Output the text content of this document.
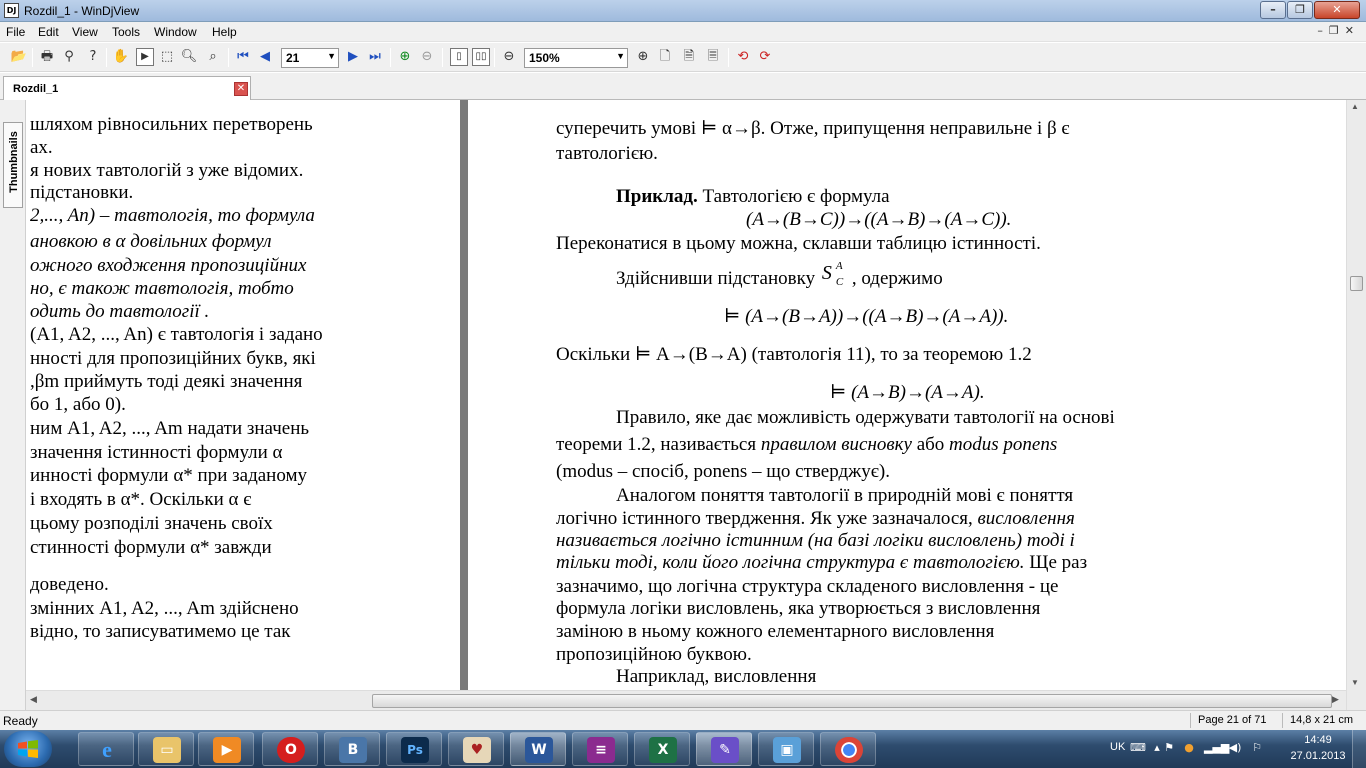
DJ Rozdil_1 - WinDjView	–	❐	✕
File Edit View Tools Window Help	–❐✕
📂 🖶 ⚲	?	✋	▶ ⬚ 🔍︎ ⌕	⏮ ◀	21	▼ ▶ ⏭ ⊕ ⊖	▯	▯▯ ⊖	150%	▼ ⊕ 🗋 🗎 🗏 ⟲ ⟳
Rozdil_1	✕
Thumbnails
шляхом рівносильних перетворень
ах.
я нових тавтологій з уже відомих.
підстановки.
2,..., An) – тавтологія, то формула
ановкою в α довільних формул
ожного входження пропозиційних
но, є також тавтологія, тобто
одить до тавтології .
(A1, A2, ..., An) є тавтологія і задано
нності для пропозиційних букв, які
,βm приймуть тоді деякі значення
бо 1, або 0).
ним A1, A2, ..., Am надати значень
значення істинності формули α
инності формули α* при заданому
і входять в α*. Оскільки α є
цьому розподілі значень своїх
стинності формули α* завжди
доведено.
змінних A1, A2, ..., Am здійснено
відно, то записуватимемо це так
суперечить умові ⊨ α→β. Отже, припущення неправильне і β є
тавтологією.
Приклад. Тавтологією є формула
(A→(B→C))→((A→B)→(A→C)).
Переконатися в цьому можна, склавши таблицю істинності.
Здійснивши підстановку S A
C , одержимо
⊨ (A→(B→A))→((A→B)→(A→A)).
Оскільки ⊨ A→(B→A) (тавтологія 11), то за теоремою 1.2
⊨ (A→B)→(A→A).
Правило, яке дає можливість одержувати тавтології на основі
теореми 1.2, називається правилом висновку або modus ponens
(modus – спосіб, ponens – що стверджує).
Аналогом поняття тавтології в природній мові є поняття
логічно істинного твердження. Як уже зазначалося, висловлення
називається логічно істинним (на базі логіки висловлень) тоді і
тільки тоді, коли його логічна структура є тавтологією. Ще раз
зазначимо, що логічна структура складеного висловлення - це
формула логіки висловлень, яка утворюється з висловлення
заміною в ньому кожного елементарного висловлення
пропозиційною буквою.
Наприклад, висловлення
▲
▼
◀	▶
Ready	Page 21 of 71 14,8 x 21 cm
e	▭	▶	O	B	Ps	♥	W	≡	X	✎	▣	UK ⌨ ▴ ⚑ ● ▂▄▆ ◀) ⚐
14:49
27.01.2013
